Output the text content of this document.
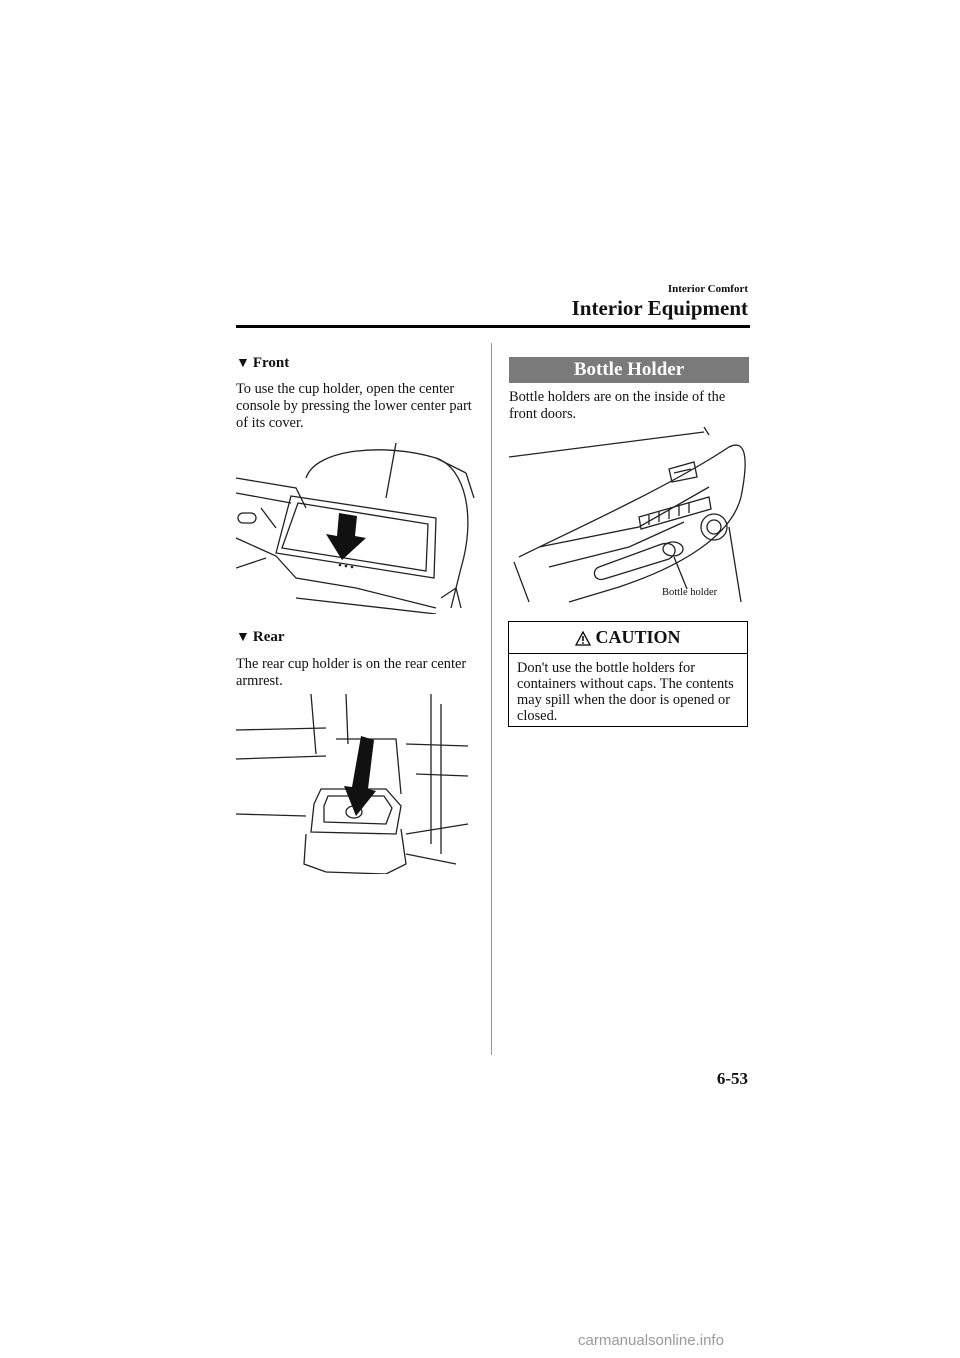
Interior Comfort
Interior Equipment
▼ Front
To use the cup holder, open the center
console by pressing the lower center part
of its cover.
▼ Rear
The rear cup holder is on the rear center
armrest.
Bottle Holder
Bottle holders are on the inside of the
front doors.
Bottle holder
CAUTION
Don't use the bottle holders for
containers without caps. The contents
may spill when the door is opened or
closed.
6-53
carmanualsonline.info
